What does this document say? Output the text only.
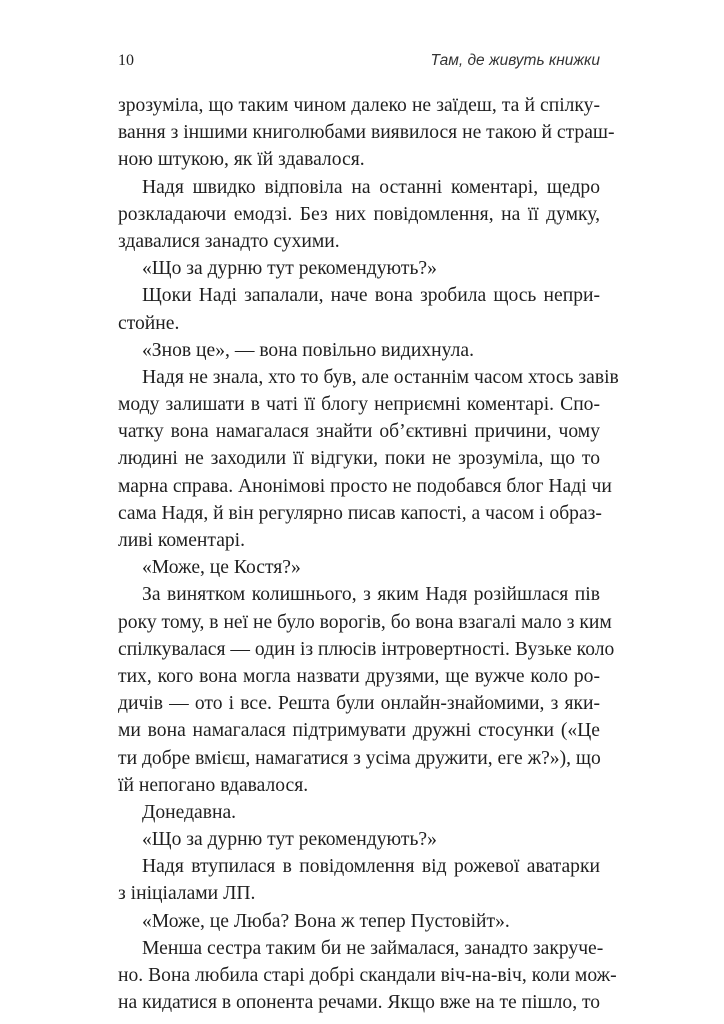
10	Там, де живуть книжки
зрозуміла, що таким чином далеко не заїдеш, та й спілку-
вання з іншими книголюбами виявилося не такою й страш-
ною штукою, як їй здавалося.
Надя швидко відповіла на останні коментарі, щедро
розкладаючи емодзі. Без них повідомлення, на її думку,
здавалися занадто сухими.
«Що за дурню тут рекомендують?»
Щоки Наді запалали, наче вона зробила щось непри-
стойне.
«Знов це», — вона повільно видихнула.
Надя не знала, хто то був, але останнім часом хтось завів
моду залишати в чаті її блогу неприємні коментарі. Спо-
чатку вона намагалася знайти об’єктивні причини, чому
людині не заходили її відгуки, поки не зрозуміла, що то
марна справа. Анонімові просто не подобався блог Наді чи
сама Надя, й він регулярно писав капості, а часом і образ-
ливі коментарі.
«Може, це Костя?»
За винятком колишнього, з яким Надя розійшлася пів
року тому, в неї не було ворогів, бо вона взагалі мало з ким
спілкувалася — один із плюсів інтровертності. Вузьке коло
тих, кого вона могла назвати друзями, ще вужче коло ро-
дичів — ото і все. Решта були онлайн-знайомими, з яки-
ми вона намагалася підтримувати дружні стосунки («Це
ти добре вмієш, намагатися з усіма дружити, еге ж?»), що
їй непогано вдавалося.
Донедавна.
«Що за дурню тут рекомендують?»
Надя втупилася в повідомлення від рожевої аватарки
з ініціалами ЛП.
«Може, це Люба? Вона ж тепер Пустовійт».
Менша сестра таким би не займалася, занадто закруче-
но. Вона любила старі добрі скандали віч-на-віч, коли мож-
на кидатися в опонента речами. Якщо вже на те пішло, то
